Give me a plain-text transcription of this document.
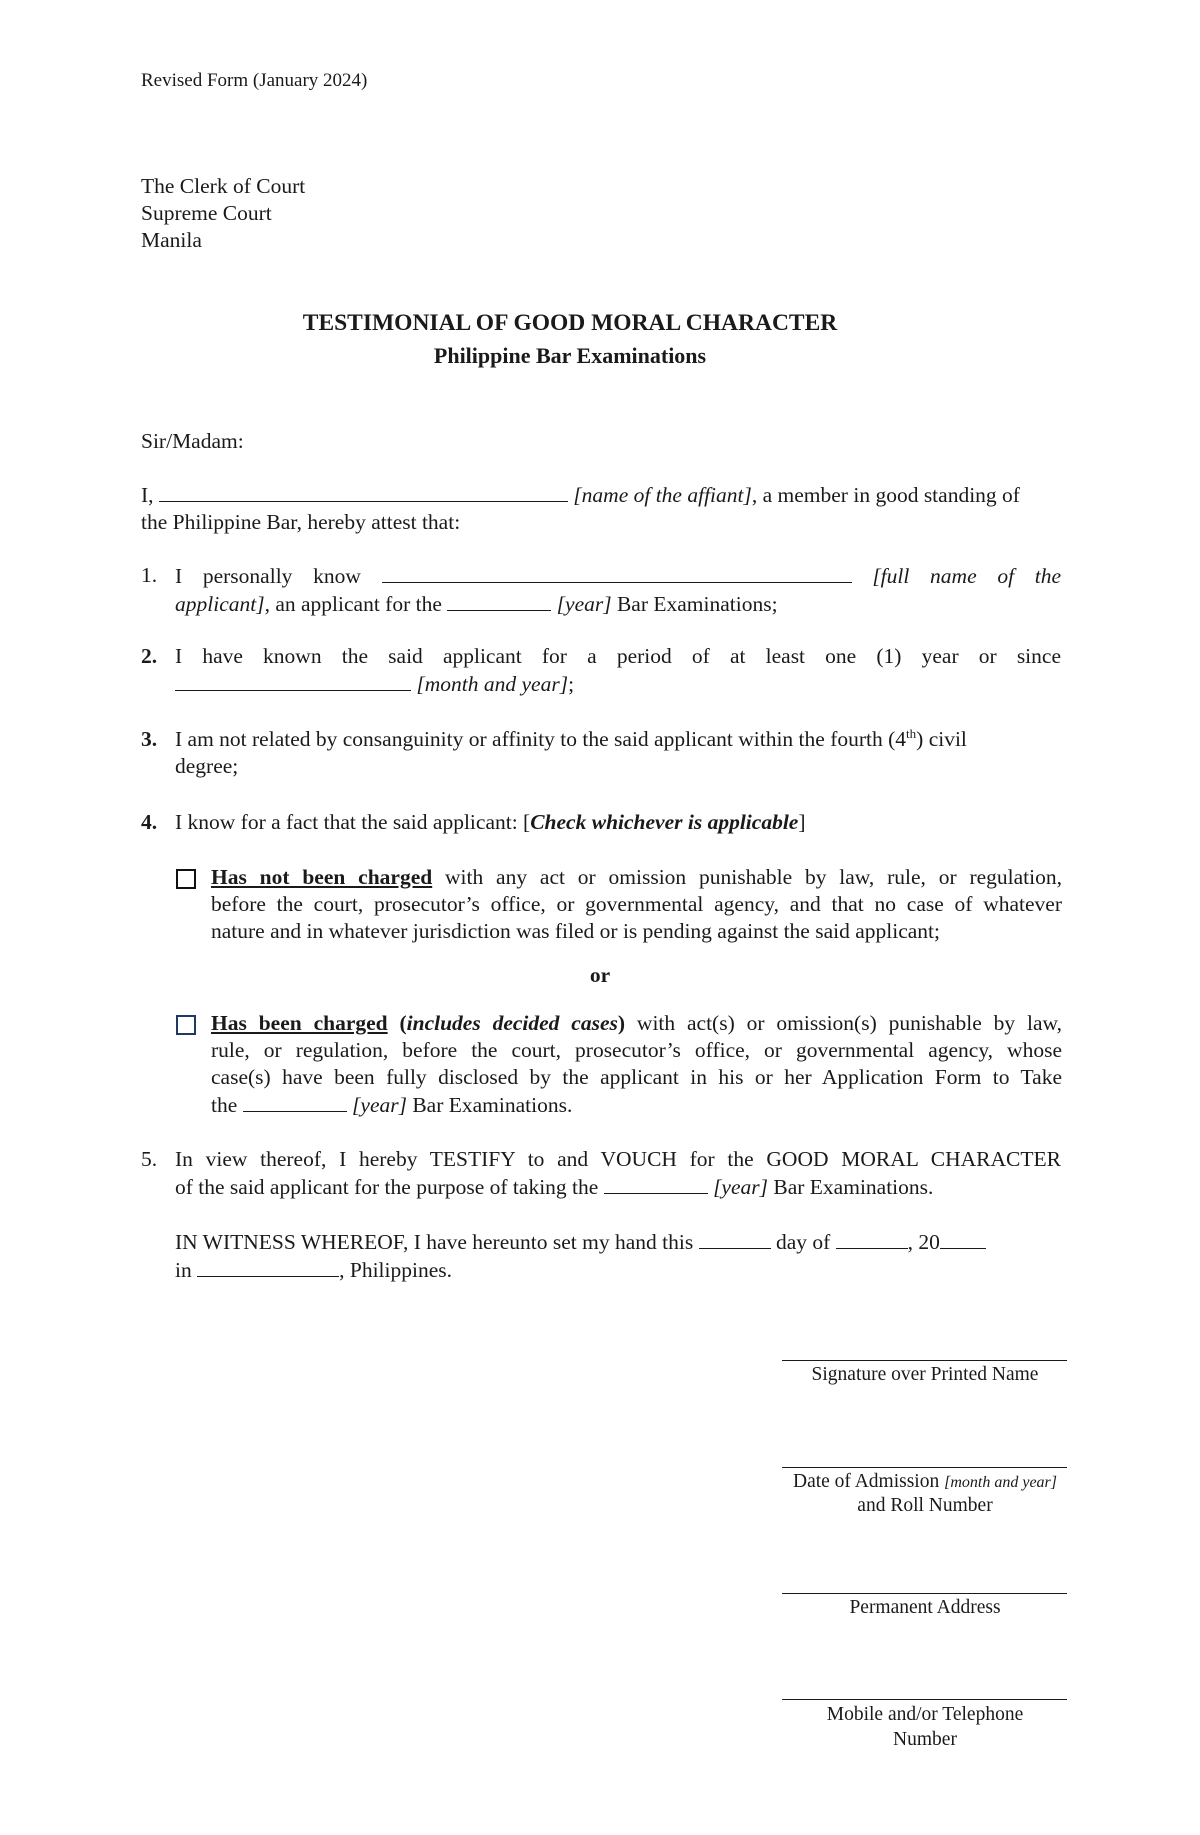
Revised Form (January 2024)
The Clerk of Court
Supreme Court
Manila
TESTIMONIAL OF GOOD MORAL CHARACTER
Philippine Bar Examinations
Sir/Madam:
I,	[name of the affiant], a member in good standing of
the Philippine Bar, hereby attest that:
1. I personally know	[full name of the
applicant], an applicant for the	[year] Bar Examinations;
2. I have known the said applicant for a period of at least one (1) year or since
[month and year];
3. I am not related by consanguinity or affinity to the said applicant within the fourth (4th) civil
degree;
4. I know for a fact that the said applicant: [Check whichever is applicable]
Has not been charged with any act or omission punishable by law, rule, or regulation,
before the court, prosecutor’s office, or governmental agency, and that no case of whatever
nature and in whatever jurisdiction was filed or is pending against the said applicant;
or
Has been charged (includes decided cases) with act(s) or omission(s) punishable by law,
rule, or regulation, before the court, prosecutor’s office, or governmental agency, whose
case(s) have been fully disclosed by the applicant in his or her Application Form to Take
the	[year] Bar Examinations.
5. In view thereof, I hereby TESTIFY to and VOUCH for the GOOD MORAL CHARACTER
of the said applicant for the purpose of taking the	[year] Bar Examinations.
IN WITNESS WHEREOF, I have hereunto set my hand this	day of	, 20
in	, Philippines.
Signature over Printed Name
Date of Admission [month and year]
and Roll Number
Permanent Address
Mobile and/or Telephone
Number
